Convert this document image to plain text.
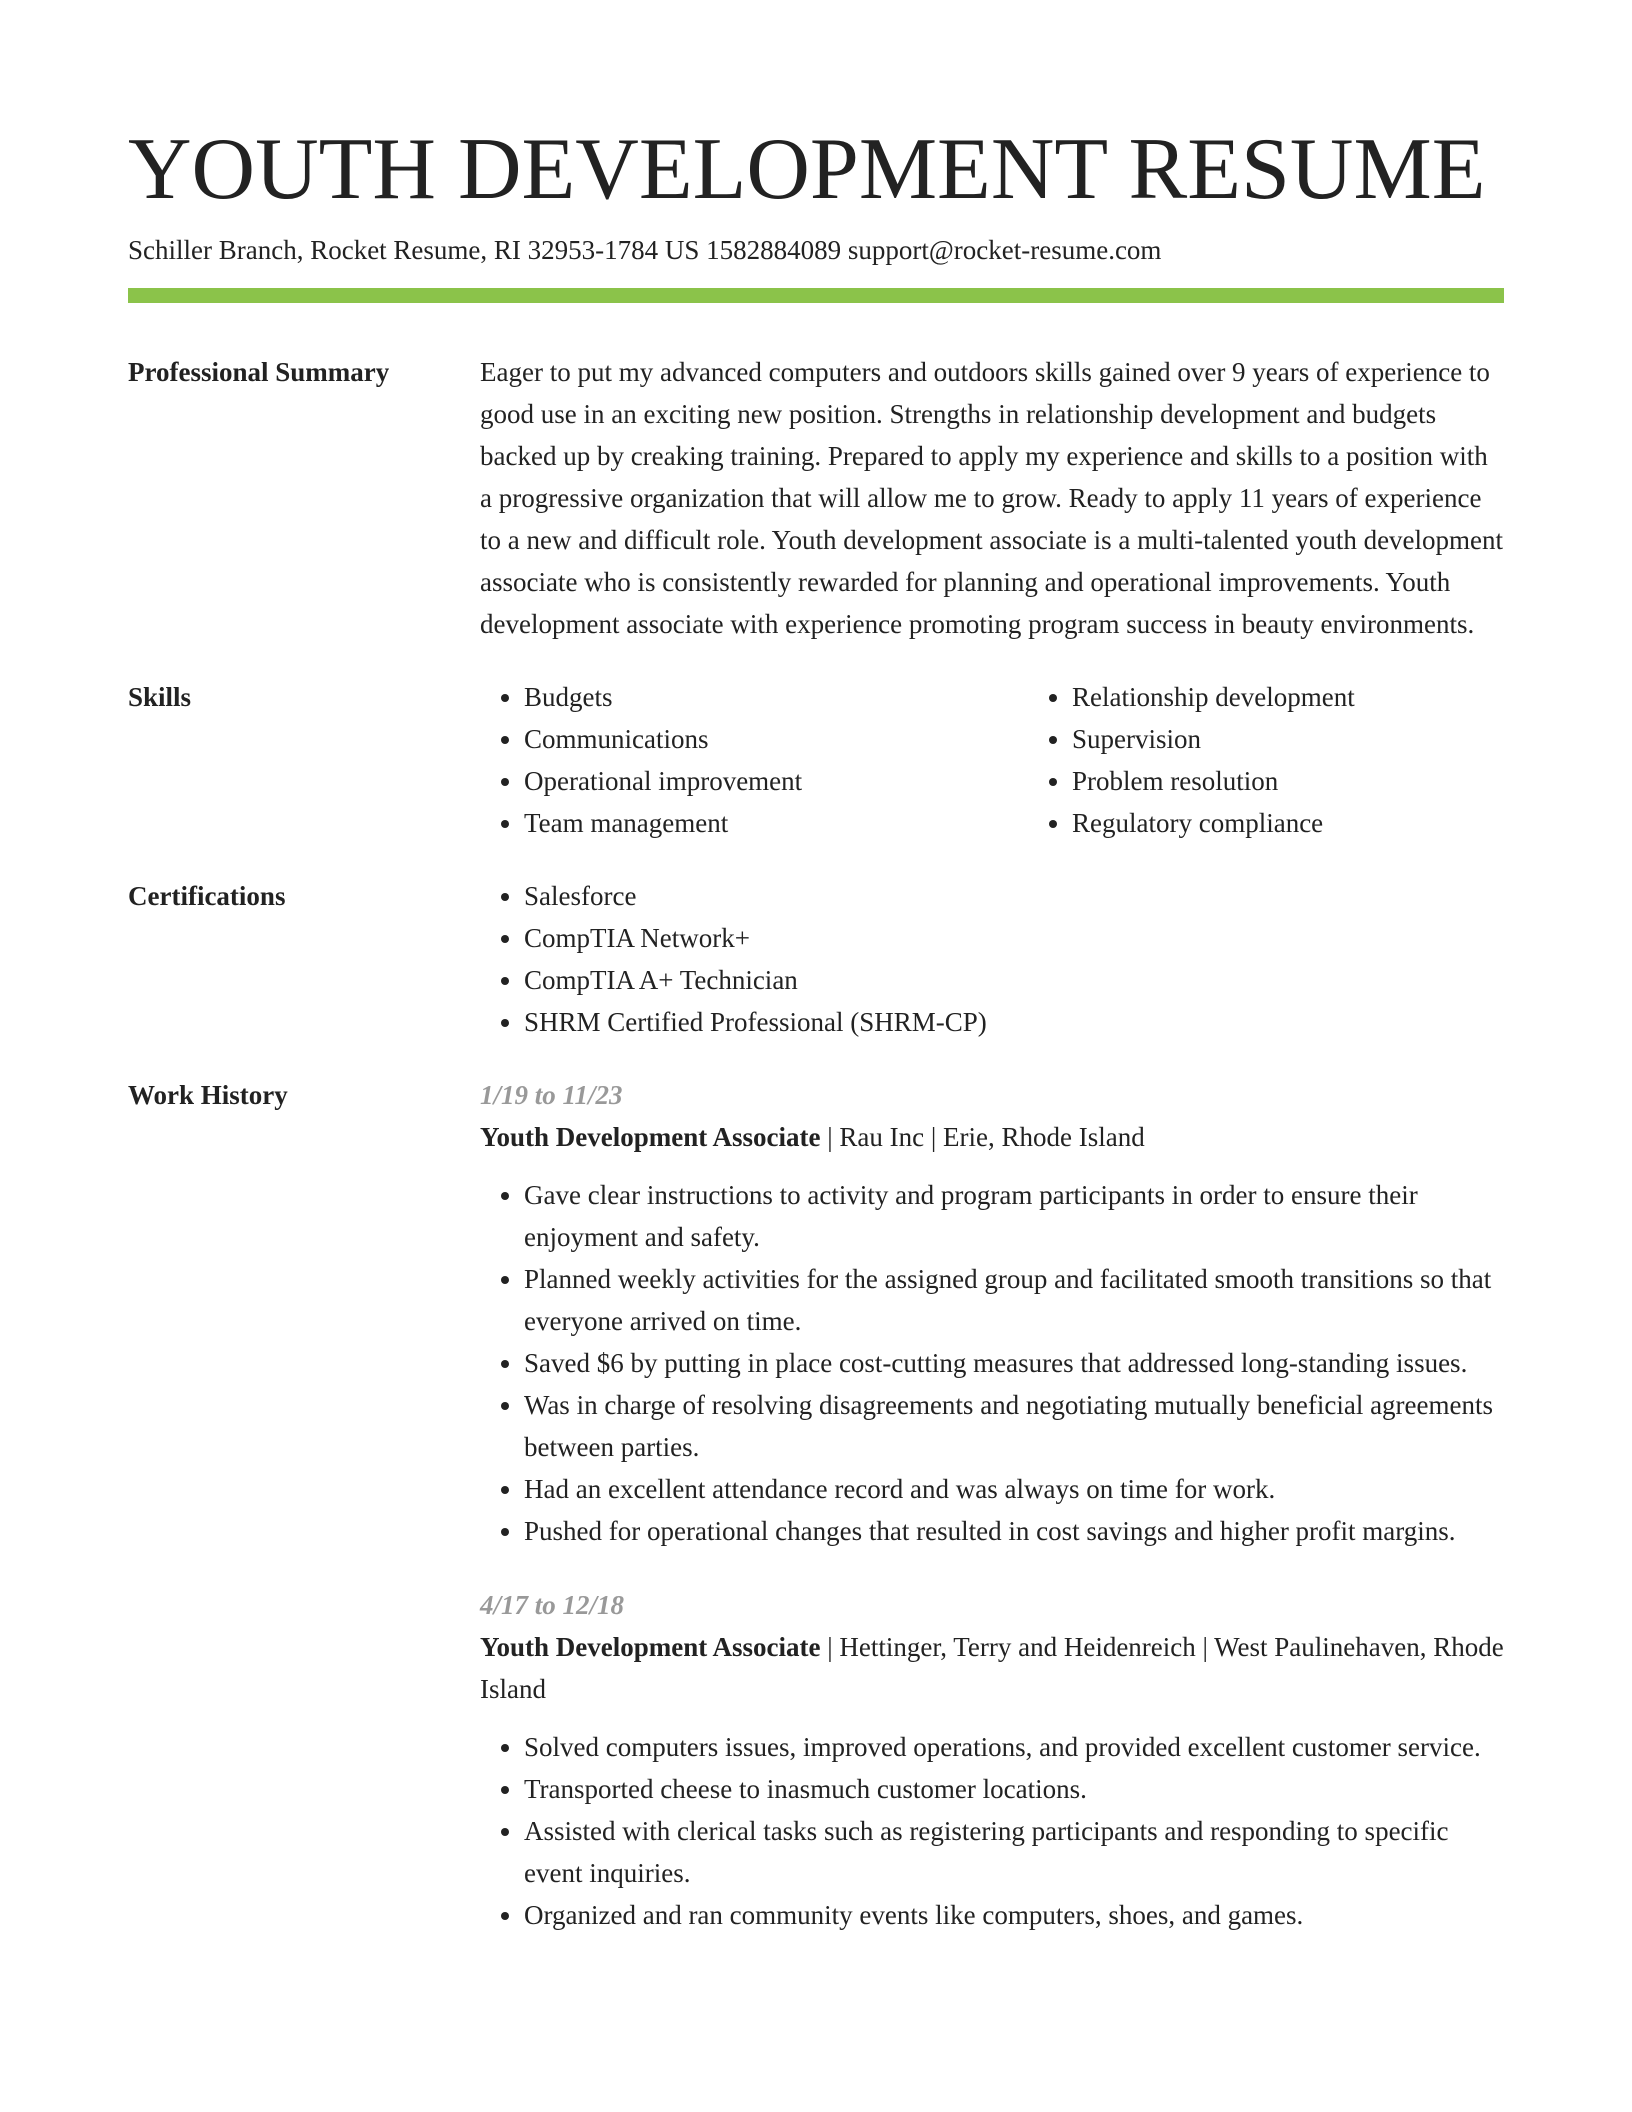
YOUTH DEVELOPMENT RESUME
Schiller Branch, Rocket Resume, RI 32953-1784 US 1582884089 support@rocket-resume.com
Professional Summary	Eager to put my advanced computers and outdoors skills gained over 9 years of experience to good use in an exciting new position. Strengths in relationship development and budgets backed up by creaking training. Prepared to apply my experience and skills to a position with a progressive organization that will allow me to grow. Ready to apply 11 years of experience to a new and difficult role. Youth development associate is a multi-talented youth development associate who is consistently rewarded for planning and operational improvements. Youth development associate with experience promoting program success in beauty environments.

Skills	• Budgets
• Communications
• Operational improvement
• Team management
• Relationship development
• Supervision
• Problem resolution
• Regulatory compliance
Certifications	• Salesforce
• CompTIA Network+
• CompTIA A+ Technician
• SHRM Certified Professional (SHRM-CP)
Work History	1/19 to 11/23
Youth Development Associate | Rau Inc | Erie, Rhode Island
• Gave clear instructions to activity and program participants in order to ensure their enjoyment and safety.
• Planned weekly activities for the assigned group and facilitated smooth transitions so that everyone arrived on time.
• Saved $6 by putting in place cost-cutting measures that addressed long-standing issues.
• Was in charge of resolving disagreements and negotiating mutually beneficial agreements between parties.
• Had an excellent attendance record and was always on time for work.
• Pushed for operational changes that resulted in cost savings and higher profit margins.
4/17 to 12/18
Youth Development Associate | Hettinger, Terry and Heidenreich | West Paulinehaven, Rhode Island
• Solved computers issues, improved operations, and provided excellent customer service.
• Transported cheese to inasmuch customer locations.
• Assisted with clerical tasks such as registering participants and responding to specific event inquiries.
• Organized and ran community events like computers, shoes, and games.
